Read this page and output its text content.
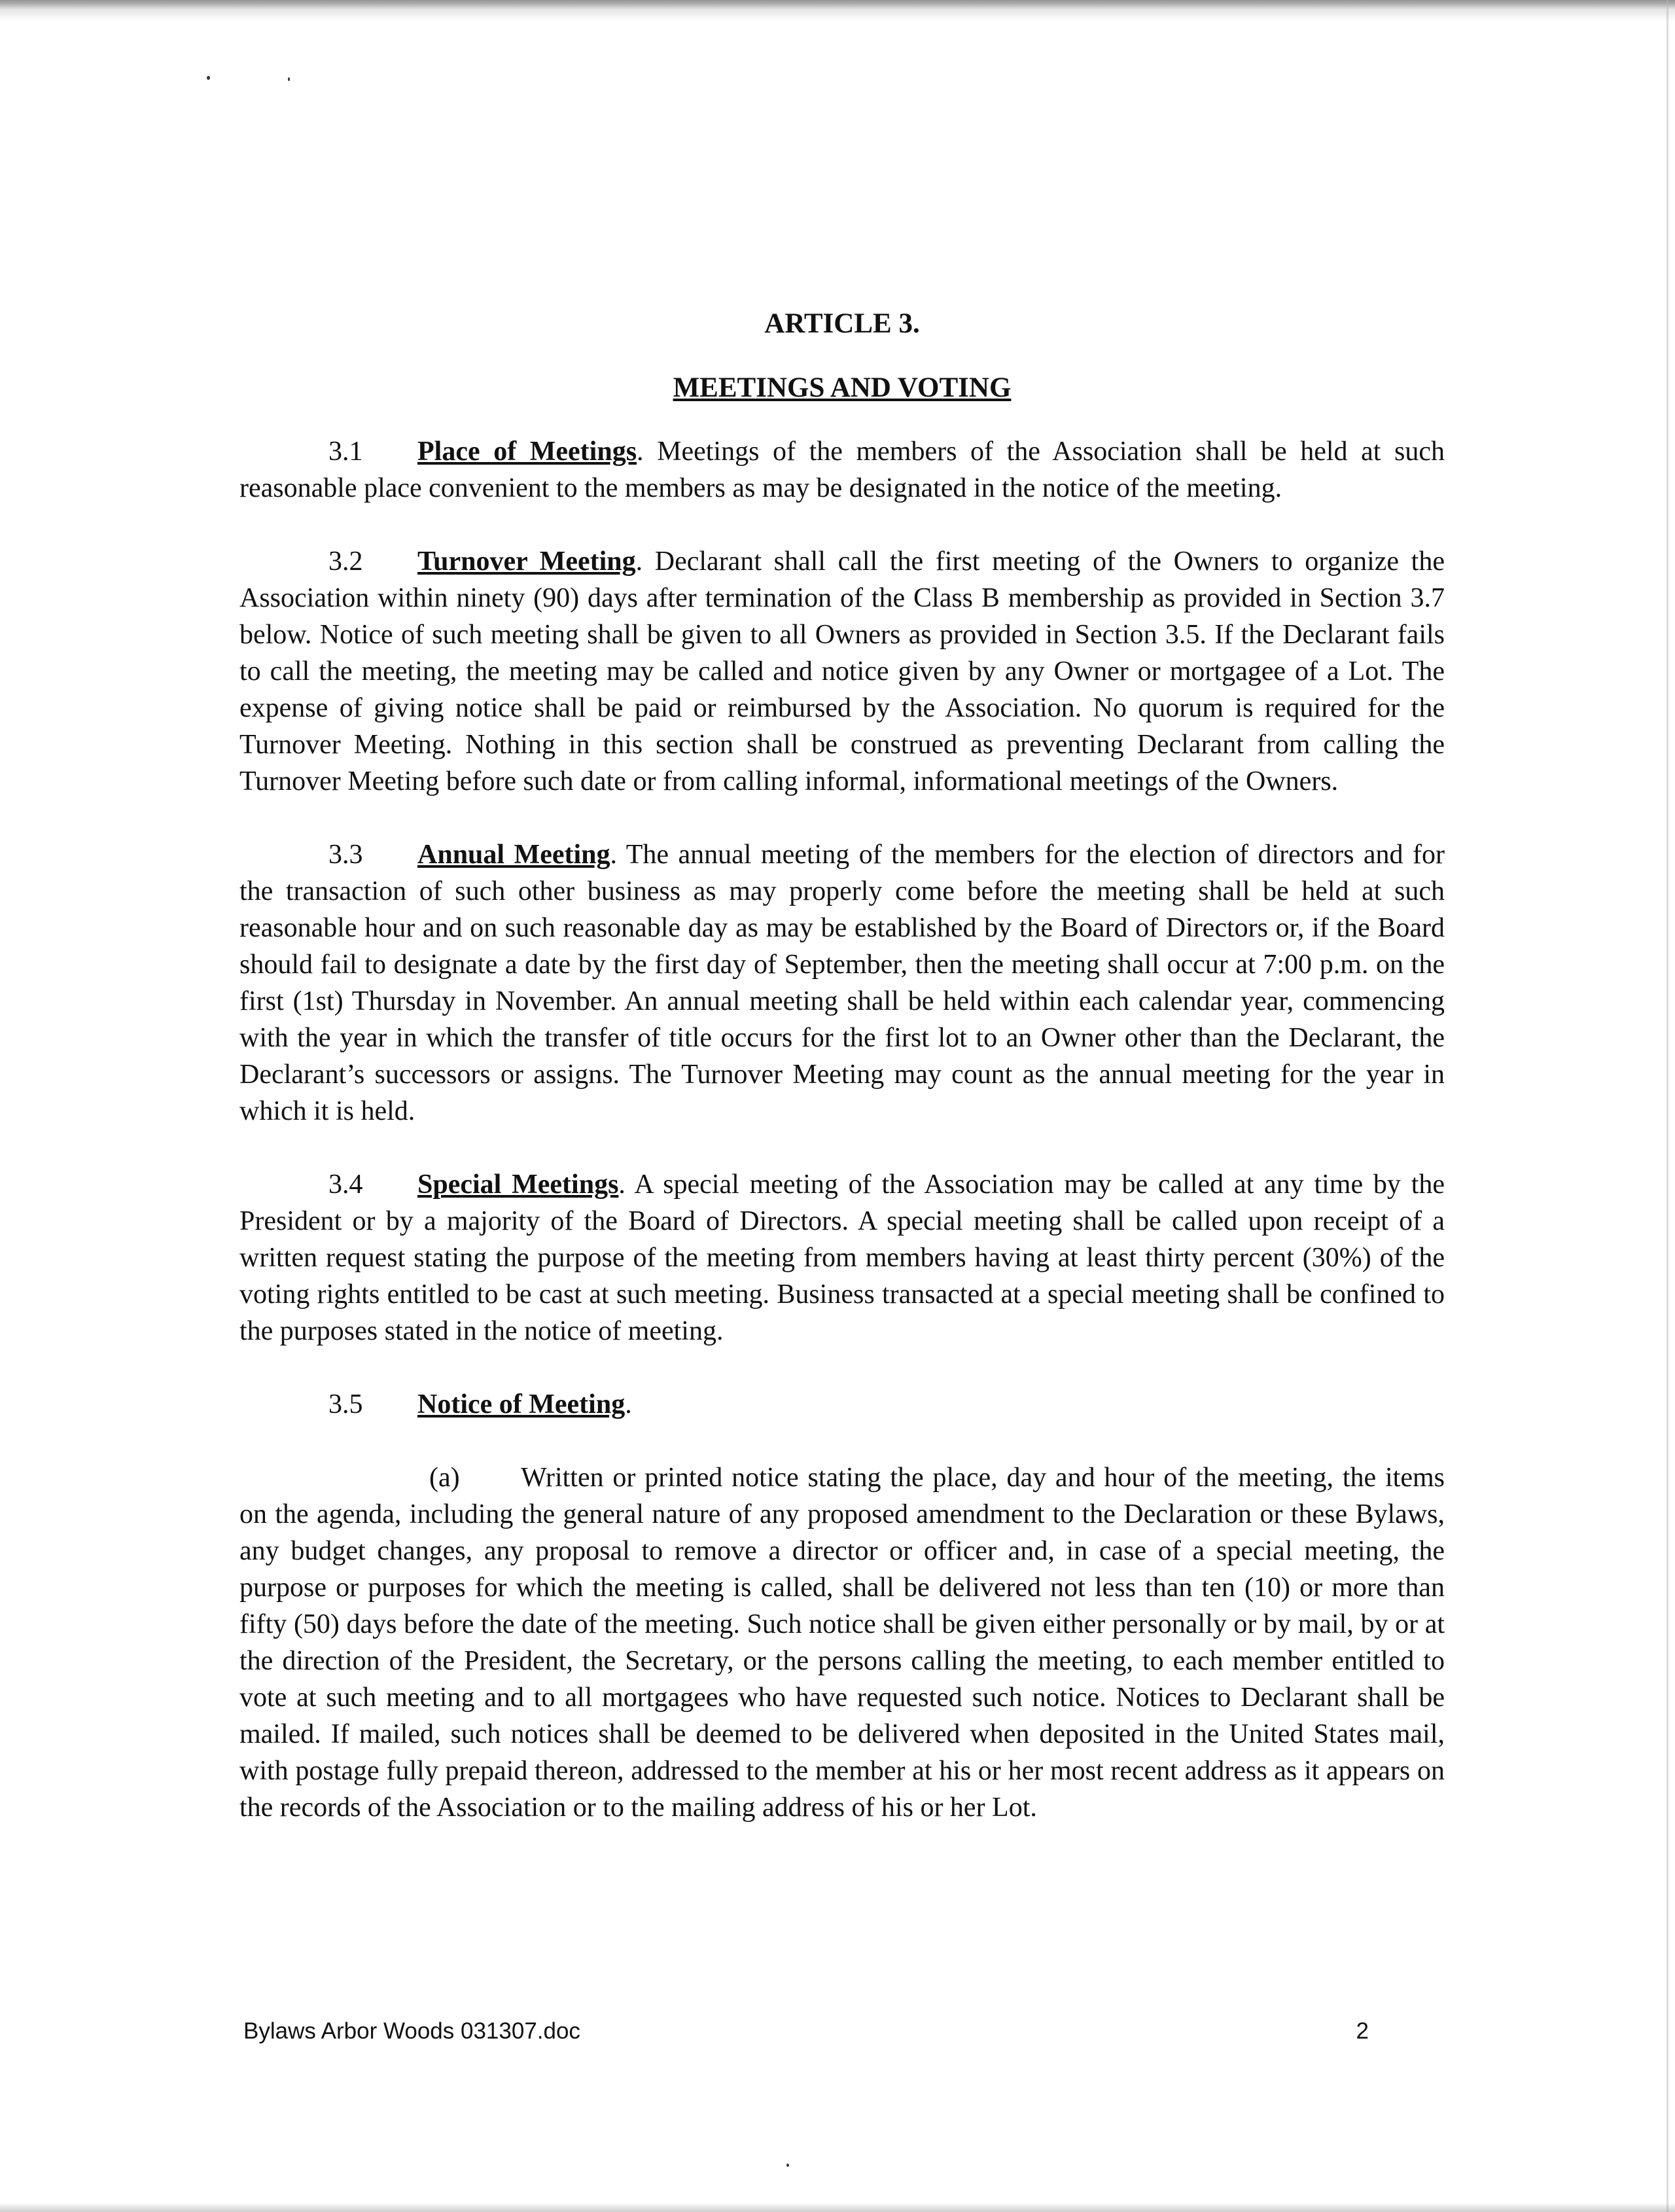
ARTICLE 3.
MEETINGS AND VOTING

3.1 Place of Meetings. Meetings of the members of the Association shall be held at such reasonable place convenient to the members as may be designated in the notice of the meeting.

3.2 Turnover Meeting. Declarant shall call the first meeting of the Owners to organize the Association within ninety (90) days after termination of the Class B membership as provided in Section 3.7 below. Notice of such meeting shall be given to all Owners as provided in Section 3.5. If the Declarant fails to call the meeting, the meeting may be called and notice given by any Owner or mortgagee of a Lot. The expense of giving notice shall be paid or reimbursed by the Association. No quorum is required for the Turnover Meeting. Nothing in this section shall be construed as preventing Declarant from calling the Turnover Meeting before such date or from calling informal, informational meetings of the Owners.

3.3 Annual Meeting. The annual meeting of the members for the election of directors and for the transaction of such other business as may properly come before the meeting shall be held at such reasonable hour and on such reasonable day as may be established by the Board of Directors or, if the Board should fail to designate a date by the first day of September, then the meeting shall occur at 7:00 p.m. on the first (1st) Thursday in November. An annual meeting shall be held within each calendar year, commencing with the year in which the transfer of title occurs for the first lot to an Owner other than the Declarant, the Declarant’s successors or assigns. The Turnover Meeting may count as the annual meeting for the year in which it is held.

3.4 Special Meetings. A special meeting of the Association may be called at any time by the President or by a majority of the Board of Directors. A special meeting shall be called upon receipt of a written request stating the purpose of the meeting from members having at least thirty percent (30%) of the voting rights entitled to be cast at such meeting. Business transacted at a special meeting shall be confined to the purposes stated in the notice of meeting.

3.5 Notice of Meeting.

(a) Written or printed notice stating the place, day and hour of the meeting, the items on the agenda, including the general nature of any proposed amendment to the Declaration or these Bylaws, any budget changes, any proposal to remove a director or officer and, in case of a special meeting, the purpose or purposes for which the meeting is called, shall be delivered not less than ten (10) or more than fifty (50) days before the date of the meeting. Such notice shall be given either personally or by mail, by or at the direction of the President, the Secretary, or the persons calling the meeting, to each member entitled to vote at such meeting and to all mortgagees who have requested such notice. Notices to Declarant shall be mailed. If mailed, such notices shall be deemed to be delivered when deposited in the United States mail, with postage fully prepaid thereon, addressed to the member at his or her most recent address as it appears on the records of the Association or to the mailing address of his or her Lot.

Bylaws Arbor Woods 031307.doc	2
